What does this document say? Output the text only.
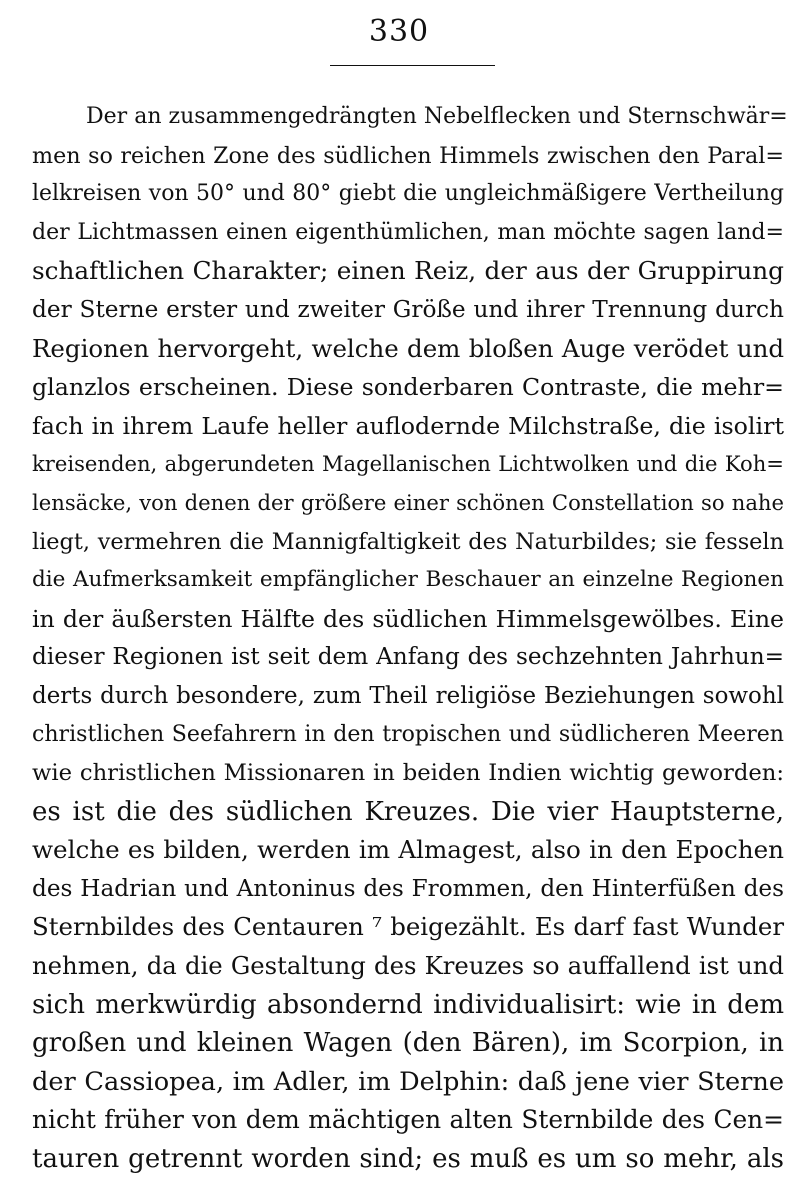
330
Der an zusammengedrängten Nebelflecken und Sternschwär=
men so reichen Zone des südlichen Himmels zwischen den Paral=
lelkreisen von 50° und 80° giebt die ungleichmäßigere Vertheilung
der Lichtmassen einen eigenthümlichen, man möchte sagen land=
schaftlichen Charakter; einen Reiz, der aus der Gruppirung
der Sterne erster und zweiter Größe und ihrer Trennung durch
Regionen hervorgeht, welche dem bloßen Auge verödet und
glanzlos erscheinen. Diese sonderbaren Contraste, die mehr=
fach in ihrem Laufe heller auflodernde Milchstraße, die isolirt
kreisenden, abgerundeten Magellanischen Lichtwolken und die Koh=
lensäcke, von denen der größere einer schönen Constellation so nahe
liegt, vermehren die Mannigfaltigkeit des Naturbildes; sie fesseln
die Aufmerksamkeit empfänglicher Beschauer an einzelne Regionen
in der äußersten Hälfte des südlichen Himmelsgewölbes. Eine
dieser Regionen ist seit dem Anfang des sechzehnten Jahrhun=
derts durch besondere, zum Theil religiöse Beziehungen sowohl
christlichen Seefahrern in den tropischen und südlicheren Meeren
wie christlichen Missionaren in beiden Indien wichtig geworden:
es ist die des südlichen Kreuzes. Die vier Hauptsterne,
welche es bilden, werden im Almagest, also in den Epochen
des Hadrian und Antoninus des Frommen, den Hinterfüßen des
Sternbildes des Centauren ⁷ beigezählt. Es darf fast Wunder
nehmen, da die Gestaltung des Kreuzes so auffallend ist und
sich merkwürdig absondernd individualisirt: wie in dem
großen und kleinen Wagen (den Bären), im Scorpion, in
der Cassiopea, im Adler, im Delphin: daß jene vier Sterne
nicht früher von dem mächtigen alten Sternbilde des Cen=
tauren getrennt worden sind; es muß es um so mehr, als
